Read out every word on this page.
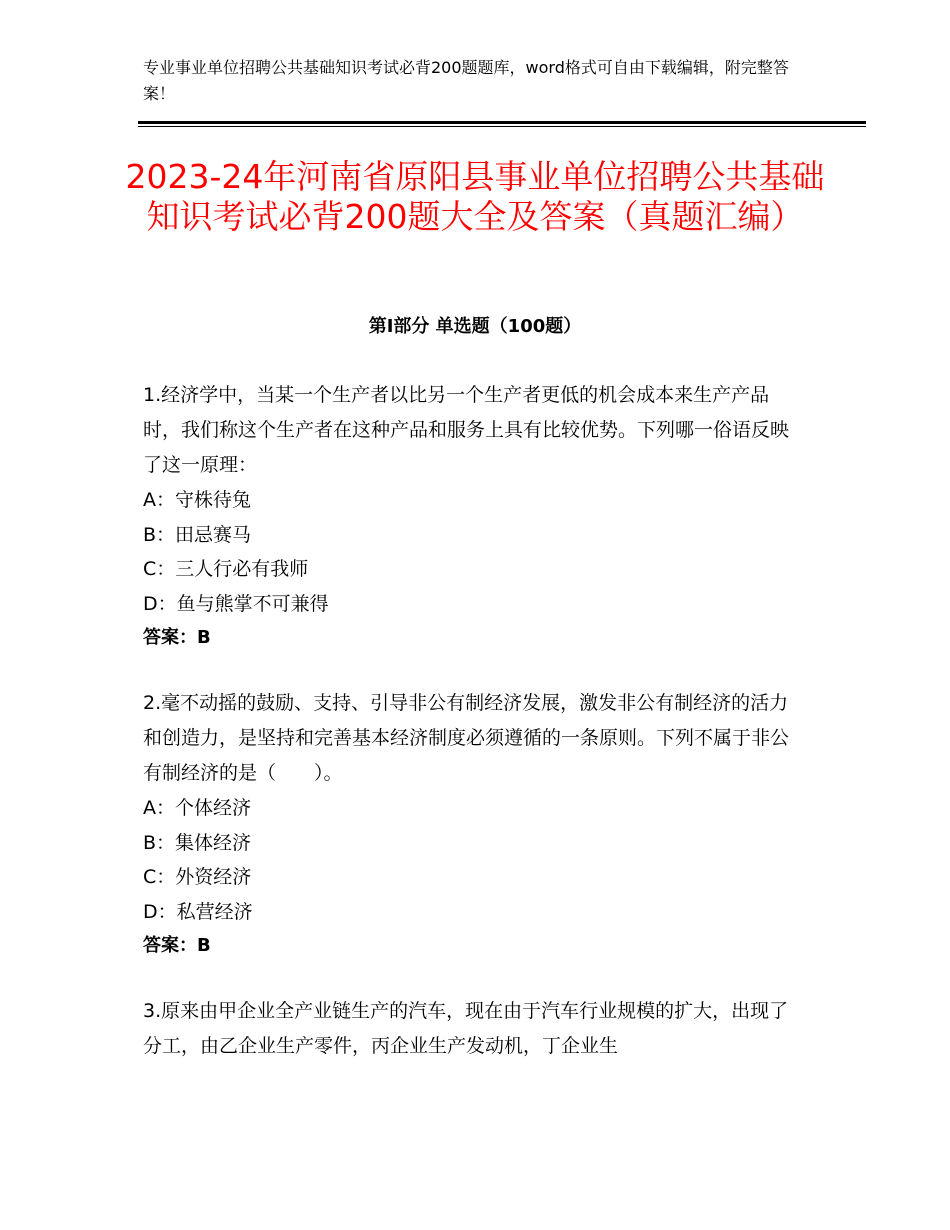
专业事业单位招聘公共基础知识考试必背200题题库，word格式可自由下载编辑，附完整答案！
2023-24年河南省原阳县事业单位招聘公共基础知识考试必背200题大全及答案（真题汇编）
第Ⅰ部分 单选题（100题）

1.经济学中，当某一个生产者以比另一个生产者更低的机会成本来生产产品时，我们称这个生产者在这种产品和服务上具有比较优势。下列哪一俗语反映了这一原理：

A：守株待兔

B：田忌赛马

C：三人行必有我师

D：鱼与熊掌不可兼得

答案：B

2.毫不动摇的鼓励、支持、引导非公有制经济发展，激发非公有制经济的活力和创造力，是坚持和完善基本经济制度必须遵循的一条原则。下列不属于非公有制经济的是（　　）。

A：个体经济

B：集体经济

C：外资经济

D：私营经济

答案：B

3.原来由甲企业全产业链生产的汽车，现在由于汽车行业规模的扩大，出现了分工，由乙企业生产零件，丙企业生产发动机，丁企业生
